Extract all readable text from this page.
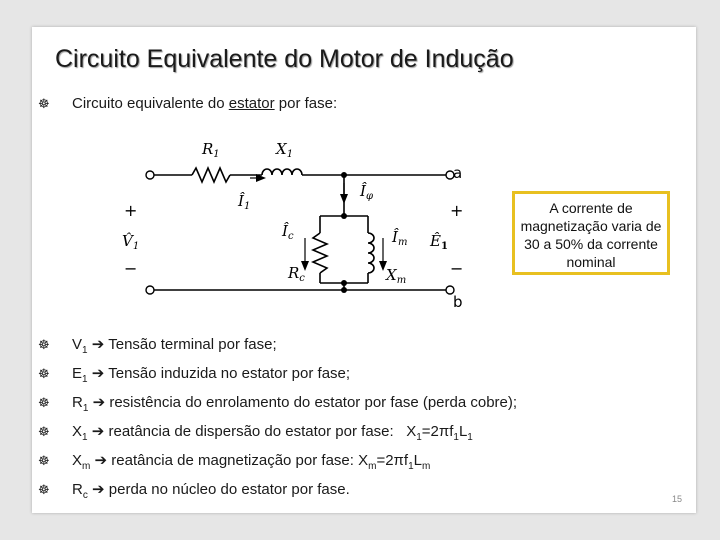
Circuito Equivalente do Motor de Indução
☸ Circuito equivalente do estator por fase:
$R_1$	$X_1$
$Î_1$
$Î_\varphi$
$Î_c$	$Î_m$
$R_c$	$X_m$
$V̂_1$	$Ê_1$
+
−
+
−
a
b
A corrente de magnetização varia de 30 a 50% da corrente nominal
☸ $V_1$ ➔ Tensão terminal por fase;
☸ $E_1$ ➔ Tensão induzida no estator por fase;
☸ $R_1$ ➔ resistência do enrolamento do estator por fase (perda cobre);
☸ $X_1$ ➔ reatância de dispersão do estator por fase: $X_1=2\pi f_1L_1$
☸ $X_m$ ➔ reatância de magnetização por fase: $X_m=2\pi f_1L_m$
☸ $R_c$ ➔ perda no núcleo do estator por fase.
15
